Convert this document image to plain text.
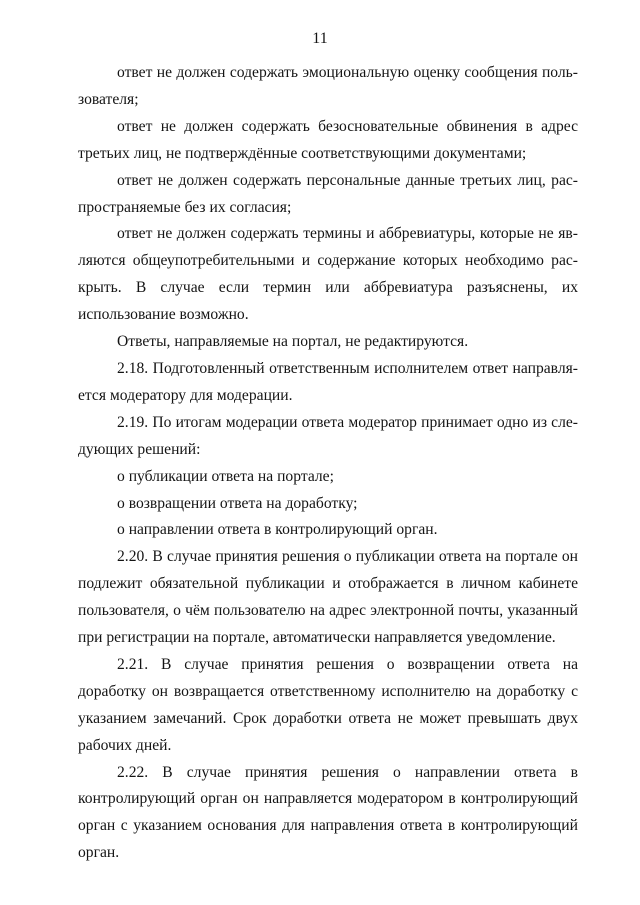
11

ответ не должен содержать эмоциональную оценку сообщения пользователя;

ответ не должен содержать безосновательные обвинения в адрес третьих лиц, не подтверждённые соответствующими документами;

ответ не должен содержать персональные данные третьих лиц, распространяемые без их согласия;

ответ не должен содержать термины и аббревиатуры, которые не являются общеупотребительными и содержание которых необходимо раскрыть. В случае если термин или аббревиатура разъяснены, их использование возможно.

Ответы, направляемые на портал, не редактируются.

2.18. Подготовленный ответственным исполнителем ответ направляется модератору для модерации.

2.19. По итогам модерации ответа модератор принимает одно из следующих решений:

о публикации ответа на портале;

о возвращении ответа на доработку;

о направлении ответа в контролирующий орган.

2.20. В случае принятия решения о публикации ответа на портале он подлежит обязательной публикации и отображается в личном кабинете пользователя, о чём пользователю на адрес электронной почты, указанный при регистрации на портале, автоматически направляется уведомление.

2.21. В случае принятия решения о возвращении ответа на доработку он возвращается ответственному исполнителю на доработку с указанием замечаний. Срок доработки ответа не может превышать двух рабочих дней.

2.22. В случае принятия решения о направлении ответа в контролирующий орган он направляется модератором в контролирующий орган с указанием основания для направления ответа в контролирующий орган.
